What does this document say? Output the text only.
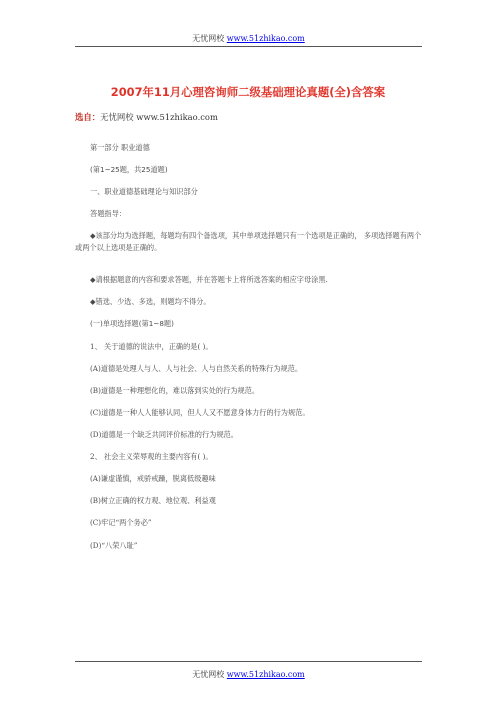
无忧网校 www.51zhikao.com
2007年11月心理咨询师二级基础理论真题(全)含答案
选自：无忧网校 www.51zhikao.com
第一部分 职业道德
(第1~25题，共25道题)
一、职业道德基础理论与知识部分
答题指导：
◆该部分均为选择题，每题均有四个备选项，其中单项选择题只有一个选项是正确的， 多项选择题有两个或两个以上选项是正确的。
◆请根据题意的内容和要求答题，并在答题卡上将所选答案的相应字母涂黑.
◆错选、少选、多选，则题均不得分。
(一)单项选择题(第1~8题)
1、 关于道德的说法中，正确的是( )。
(A)道德是处理人与人、人与社会、人与自然关系的特殊行为规范。
(B)道德是一种理想化的，难以落到实处的行为规范。
(C)道德是一种人人能够认同，但人人又不愿意身体力行的行为规范。
(D)道德是一个缺乏共同评价标准的行为规范。
2、 社会主义荣辱观的主要内容有( )。
(A)谦虚谨慎，戒骄戒躁，脱离低级趣味
(B)树立正确的权力观、地位观、利益观
(C)牢记“两个务必”
(D)“八荣八耻”
无忧网校 www.51zhikao.com
